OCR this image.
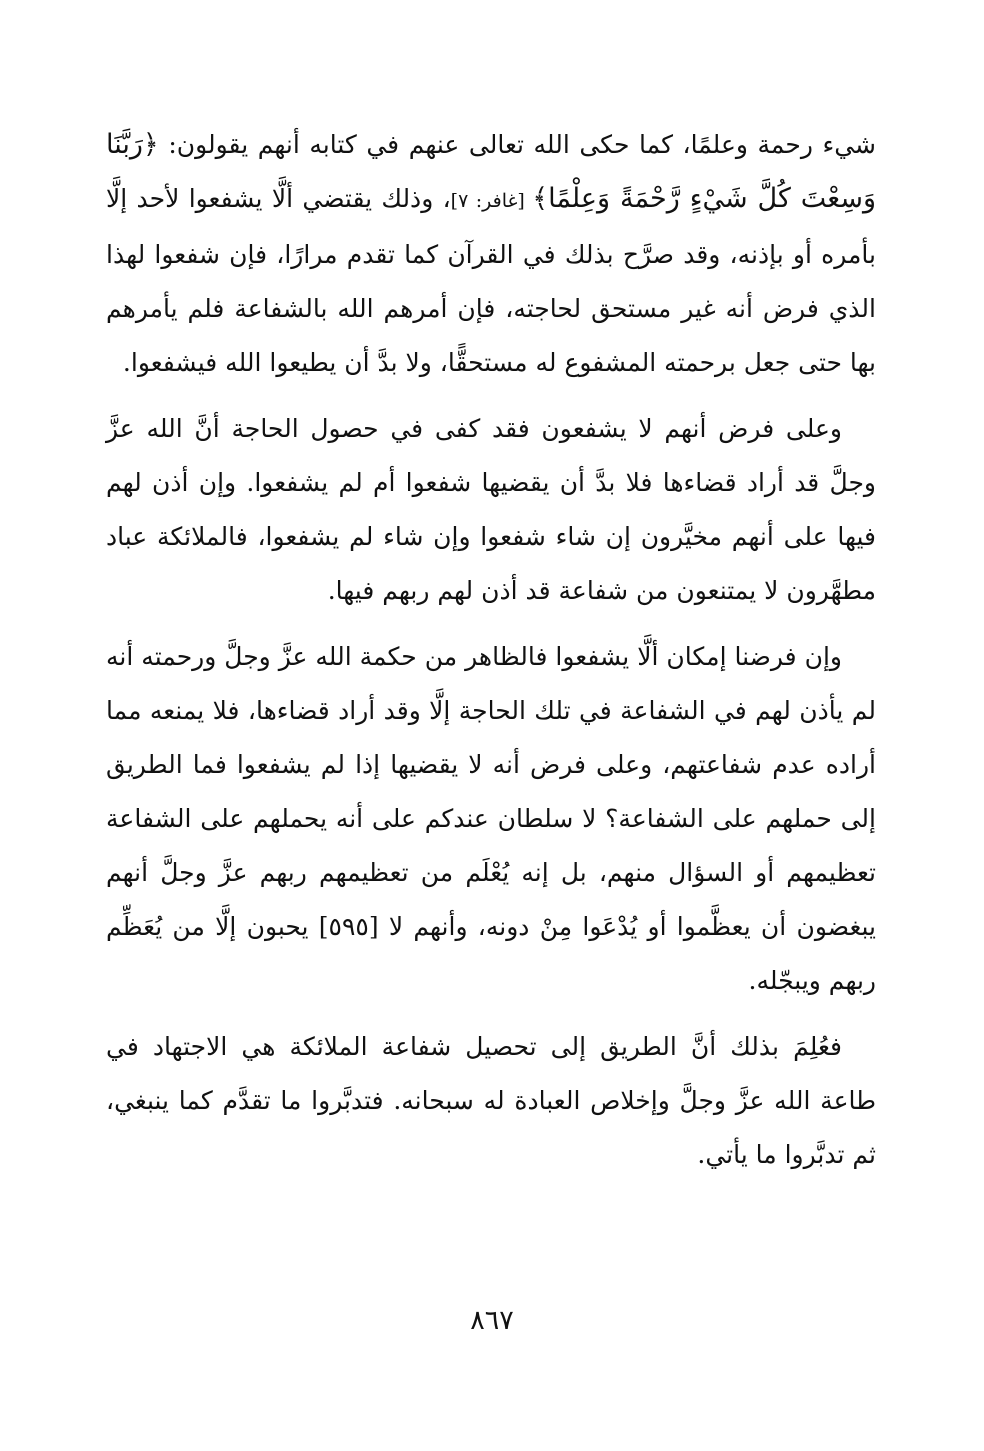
شيء رحمة وعلمًا، كما حكى الله تعالى عنهم في كتابه أنهم يقولون: ﴿رَبَّنَا وَسِعْتَ كُلَّ شَيْءٍ رَّحْمَةً وَعِلْمًا﴾ [غافر: ٧]، وذلك يقتضي ألَّا يشفعوا لأحد إلَّا بأمره أو بإذنه، وقد صرَّح بذلك في القرآن كما تقدم مرارًا، فإن شفعوا لهذا الذي فرض أنه غير مستحق لحاجته، فإن أمرهم الله بالشفاعة فلم يأمرهم بها حتى جعل برحمته المشفوع له مستحقًّا، ولا بدَّ أن يطيعوا الله فيشفعوا.

وعلى فرض أنهم لا يشفعون فقد كفى في حصول الحاجة أنَّ الله عزَّ وجلَّ قد أراد قضاءها فلا بدَّ أن يقضيها شفعوا أم لم يشفعوا. وإن أذن لهم فيها على أنهم مخيَّرون إن شاء شفعوا وإن شاء لم يشفعوا، فالملائكة عباد مطهَّرون لا يمتنعون من شفاعة قد أذن لهم ربهم فيها.

وإن فرضنا إمكان ألَّا يشفعوا فالظاهر من حكمة الله عزَّ وجلَّ ورحمته أنه لم يأذن لهم في الشفاعة في تلك الحاجة إلَّا وقد أراد قضاءها، فلا يمنعه مما أراده عدم شفاعتهم، وعلى فرض أنه لا يقضيها إذا لم يشفعوا فما الطريق إلى حملهم على الشفاعة؟ لا سلطان عندكم على أنه يحملهم على الشفاعة تعظيمهم أو السؤال منهم، بل إنه يُعْلَم من تعظيمهم ربهم عزَّ وجلَّ أنهم يبغضون أن يعظَّموا أو يُدْعَوا مِنْ دونه، وأنهم لا [٥٩٥] يحبون إلَّا من يُعَظِّم ربهم ويبجّله.

فعُلِمَ بذلك أنَّ الطريق إلى تحصيل شفاعة الملائكة هي الاجتهاد في طاعة الله عزَّ وجلَّ وإخلاص العبادة له سبحانه. فتدبَّروا ما تقدَّم كما ينبغي، ثم تدبَّروا ما يأتي.

٨٦٧
